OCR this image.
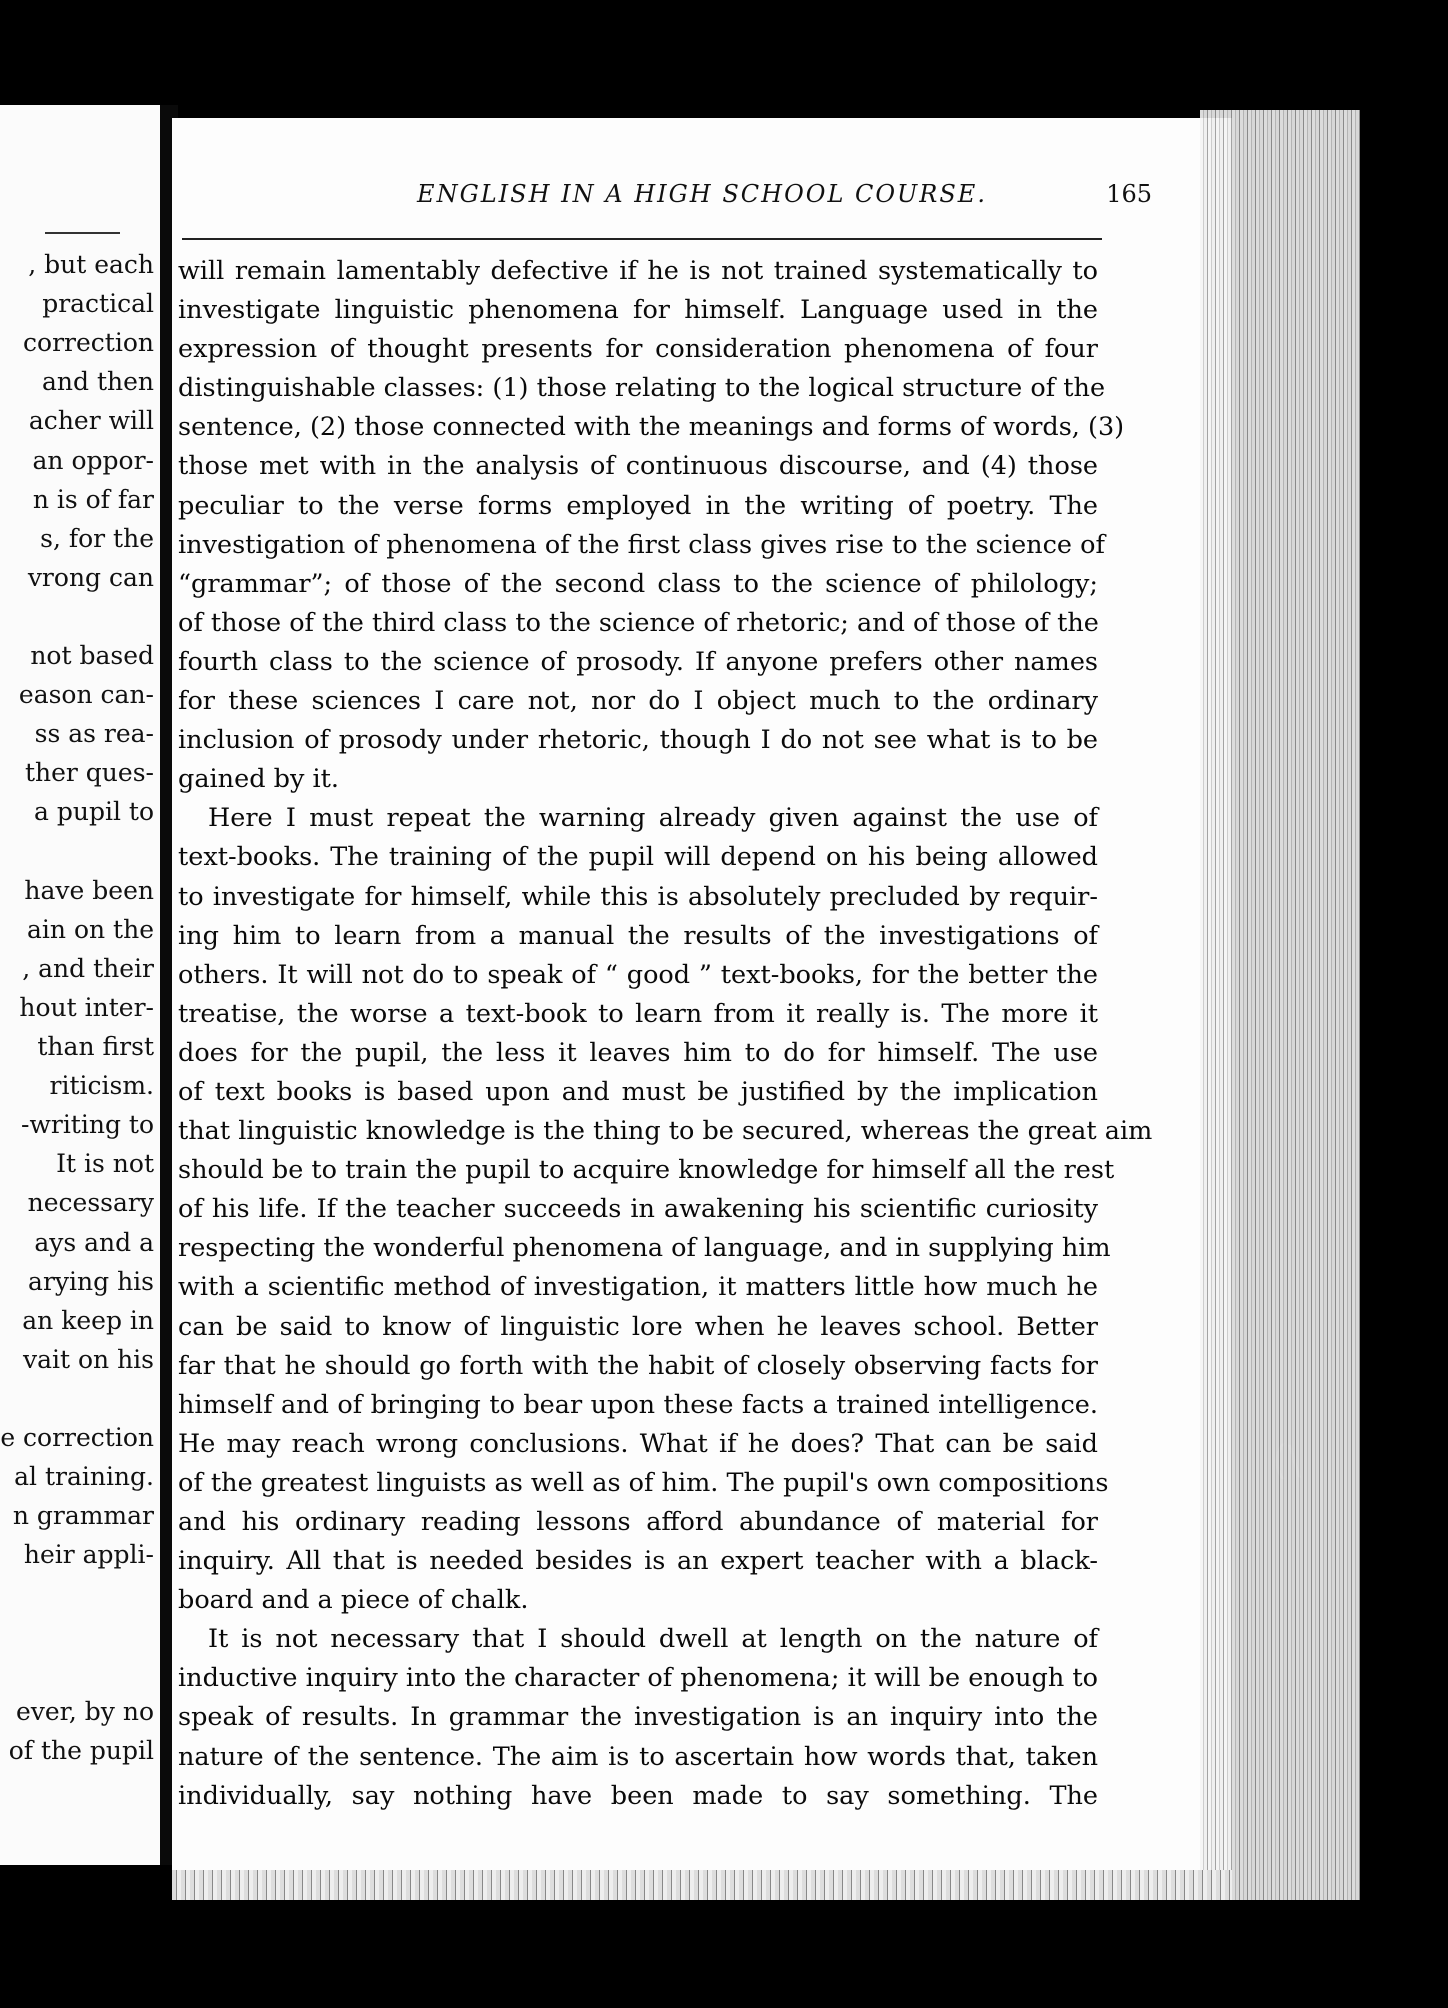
, but each
practical
correction
and then
acher will
an oppor-
n is of far
s, for the
vrong can
not based
eason can-
ss as rea-
ther ques-
a pupil to
have been
ain on the
, and their
hout inter-
than first
riticism.
-writing to
It is not
necessary
ays and a
arying his
an keep in
vait on his
e correction
al training.
n grammar
heir appli-
ever, by no
of the pupil
ENGLISH IN A HIGH SCHOOL COURSE.	165
will remain lamentably defective if he is not trained systematically to
investigate linguistic phenomena for himself. Language used in the
expression of thought presents for consideration phenomena of four
distinguishable classes: (1) those relating to the logical structure of the
sentence, (2) those connected with the meanings and forms of words, (3)
those met with in the analysis of continuous discourse, and (4) those
peculiar to the verse forms employed in the writing of poetry. The
investigation of phenomena of the first class gives rise to the science of
“grammar”; of those of the second class to the science of philology;
of those of the third class to the science of rhetoric; and of those of the
fourth class to the science of prosody. If anyone prefers other names
for these sciences I care not, nor do I object much to the ordinary
inclusion of prosody under rhetoric, though I do not see what is to be
gained by it.
Here I must repeat the warning already given against the use of
text-books. The training of the pupil will depend on his being allowed
to investigate for himself, while this is absolutely precluded by requir-
ing him to learn from a manual the results of the investigations of
others. It will not do to speak of “ good ” text-books, for the better the
treatise, the worse a text-book to learn from it really is. The more it
does for the pupil, the less it leaves him to do for himself. The use
of text books is based upon and must be justified by the implication
that linguistic knowledge is the thing to be secured, whereas the great aim
should be to train the pupil to acquire knowledge for himself all the rest
of his life. If the teacher succeeds in awakening his scientific curiosity
respecting the wonderful phenomena of language, and in supplying him
with a scientific method of investigation, it matters little how much he
can be said to know of linguistic lore when he leaves school. Better
far that he should go forth with the habit of closely observing facts for
himself and of bringing to bear upon these facts a trained intelligence.
He may reach wrong conclusions. What if he does? That can be said
of the greatest linguists as well as of him. The pupil's own compositions
and his ordinary reading lessons afford abundance of material for
inquiry. All that is needed besides is an expert teacher with a black-
board and a piece of chalk.
It is not necessary that I should dwell at length on the nature of
inductive inquiry into the character of phenomena; it will be enough to
speak of results. In grammar the investigation is an inquiry into the
nature of the sentence. The aim is to ascertain how words that, taken
individually, say nothing have been made to say something. The
